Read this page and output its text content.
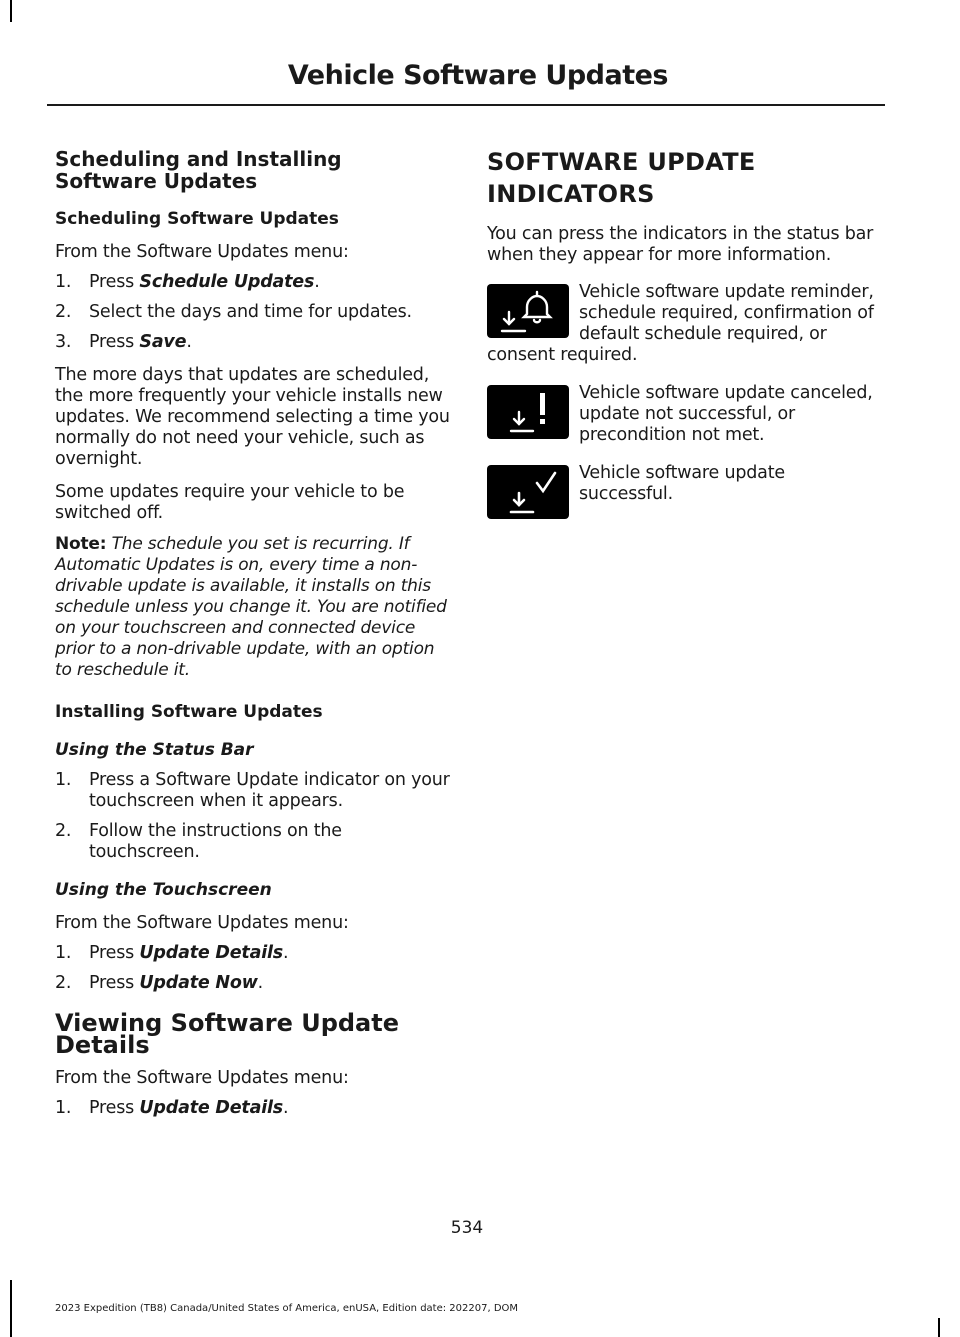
Vehicle Software Updates
Scheduling and Installing Software Updates
Scheduling Software Updates

From the Software Updates menu:

1. Press Schedule Updates.
2. Select the days and time for updates.
3. Press Save.

The more days that updates are scheduled, the more frequently your vehicle installs new updates. We recommend selecting a time you normally do not need your vehicle, such as overnight.

Some updates require your vehicle to be switched off.

Note: The schedule you set is recurring. If Automatic Updates is on, every time a non-drivable update is available, it installs on this schedule unless you change it. You are notified on your touchscreen and connected device prior to a non-drivable update, with an option to reschedule it.

Installing Software Updates
Using the Status Bar
1. Press a Software Update indicator on your touchscreen when it appears.
2. Follow the instructions on the touchscreen.
Using the Touchscreen

From the Software Updates menu:

1. Press Update Details.
2. Press Update Now.
Viewing Software Update Details

From the Software Updates menu:

1. Press Update Details.
SOFTWARE UPDATE
INDICATORS

You can press the indicators in the status bar when they appear for more information.

Vehicle software update reminder, schedule required, confirmation of default schedule required, or consent required.
Vehicle software update canceled, update not successful, or precondition not met.
Vehicle software update successful.
534
2023 Expedition (TB8) Canada/United States of America, enUSA, Edition date: 202207, DOM
